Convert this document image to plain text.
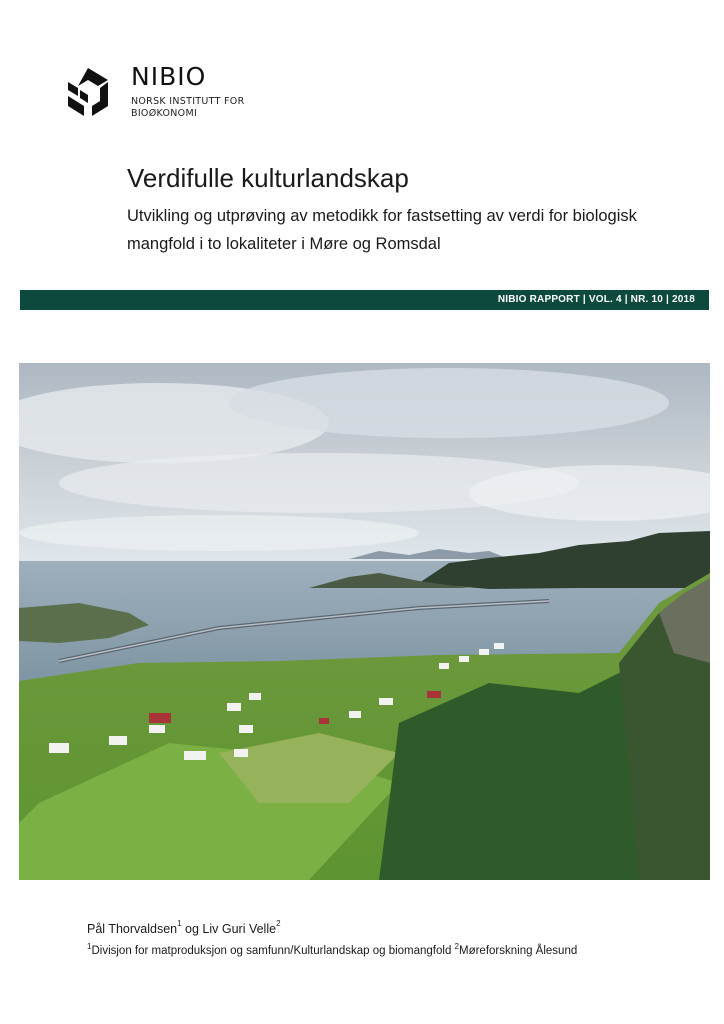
NIBIO
NORSK INSTITUTT FOR
BIOØKONOMI
Verdifulle kulturlandskap
Utvikling og utprøving av metodikk for fastsetting av verdi for biologisk mangfold i to lokaliteter i Møre og Romsdal
NIBIO RAPPORT | VOL. 4 | NR. 10 | 2018
Pål Thorvaldsen$^1$ og Liv Guri Velle$^2$
$^1$Divisjon for matproduksjon og samfunn/Kulturlandskap og biomangfold $^2$Møreforskning Ålesund
